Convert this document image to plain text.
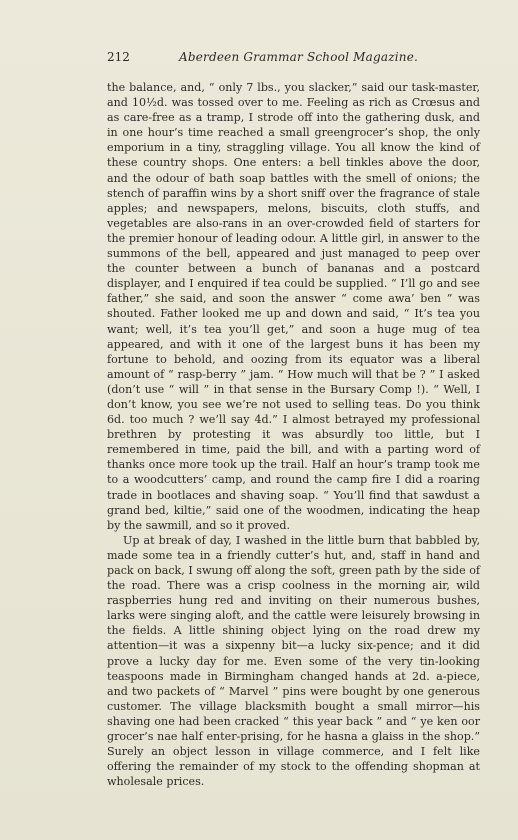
212	Aberdeen Grammar School Magazine.

the balance, and, “ only 7 lbs., you slacker,” said our task-master, and 10½d. was tossed over to me. Feeling as rich as Crœsus and as care-free as a tramp, I strode off into the gathering dusk, and in one hour’s time reached a small greengrocer’s shop, the only emporium in a tiny, straggling village. You all know the kind of these country shops. One enters: a bell tinkles above the door, and the odour of bath soap battles with the smell of onions; the stench of paraffin wins by a short sniff over the fragrance of stale apples; and newspapers, melons, biscuits, cloth stuffs, and vegetables are also-rans in an over-crowded field of starters for the premier honour of leading odour. A little girl, in answer to the summons of the bell, appeared and just managed to peep over the counter between a bunch of bananas and a postcard displayer, and I enquired if tea could be supplied. “ I’ll go and see father,” she said, and soon the answer “ come awa’ ben ” was shouted. Father looked me up and down and said, “ It’s tea you want; well, it’s tea you’ll get,” and soon a huge mug of tea appeared, and with it one of the largest buns it has been my fortune to behold, and oozing from its equator was a liberal amount of “ rasp-berry ” jam. “ How much will that be ? ” I asked (don’t use “ will ” in that sense in the Bursary Comp !). “ Well, I don’t know, you see we’re not used to selling teas. Do you think 6d. too much ? we’ll say 4d.” I almost betrayed my professional brethren by protesting it was absurdly too little, but I remembered in time, paid the bill, and with a parting word of thanks once more took up the trail. Half an hour’s tramp took me to a woodcutters’ camp, and round the camp fire I did a roaring trade in bootlaces and shaving soap. “ You’ll find that sawdust a grand bed, kiltie,” said one of the woodmen, indicating the heap by the sawmill, and so it proved.

Up at break of day, I washed in the little burn that babbled by, made some tea in a friendly cutter’s hut, and, staff in hand and pack on back, I swung off along the soft, green path by the side of the road. There was a crisp coolness in the morning air, wild raspberries hung red and inviting on their numerous bushes, larks were singing aloft, and the cattle were leisurely browsing in the fields. A little shining object lying on the road drew my attention—it was a sixpenny bit—a lucky six-pence; and it did prove a lucky day for me. Even some of the very tin-looking teaspoons made in Birmingham changed hands at 2d. a-piece, and two packets of “ Marvel ” pins were bought by one generous customer. The village blacksmith bought a small mirror—his shaving one had been cracked “ this year back ” and “ ye ken oor grocer’s nae half enter-prising, for he hasna a glaiss in the shop.” Surely an object lesson in village commerce, and I felt like offering the remainder of my stock to the offending shopman at wholesale prices.
